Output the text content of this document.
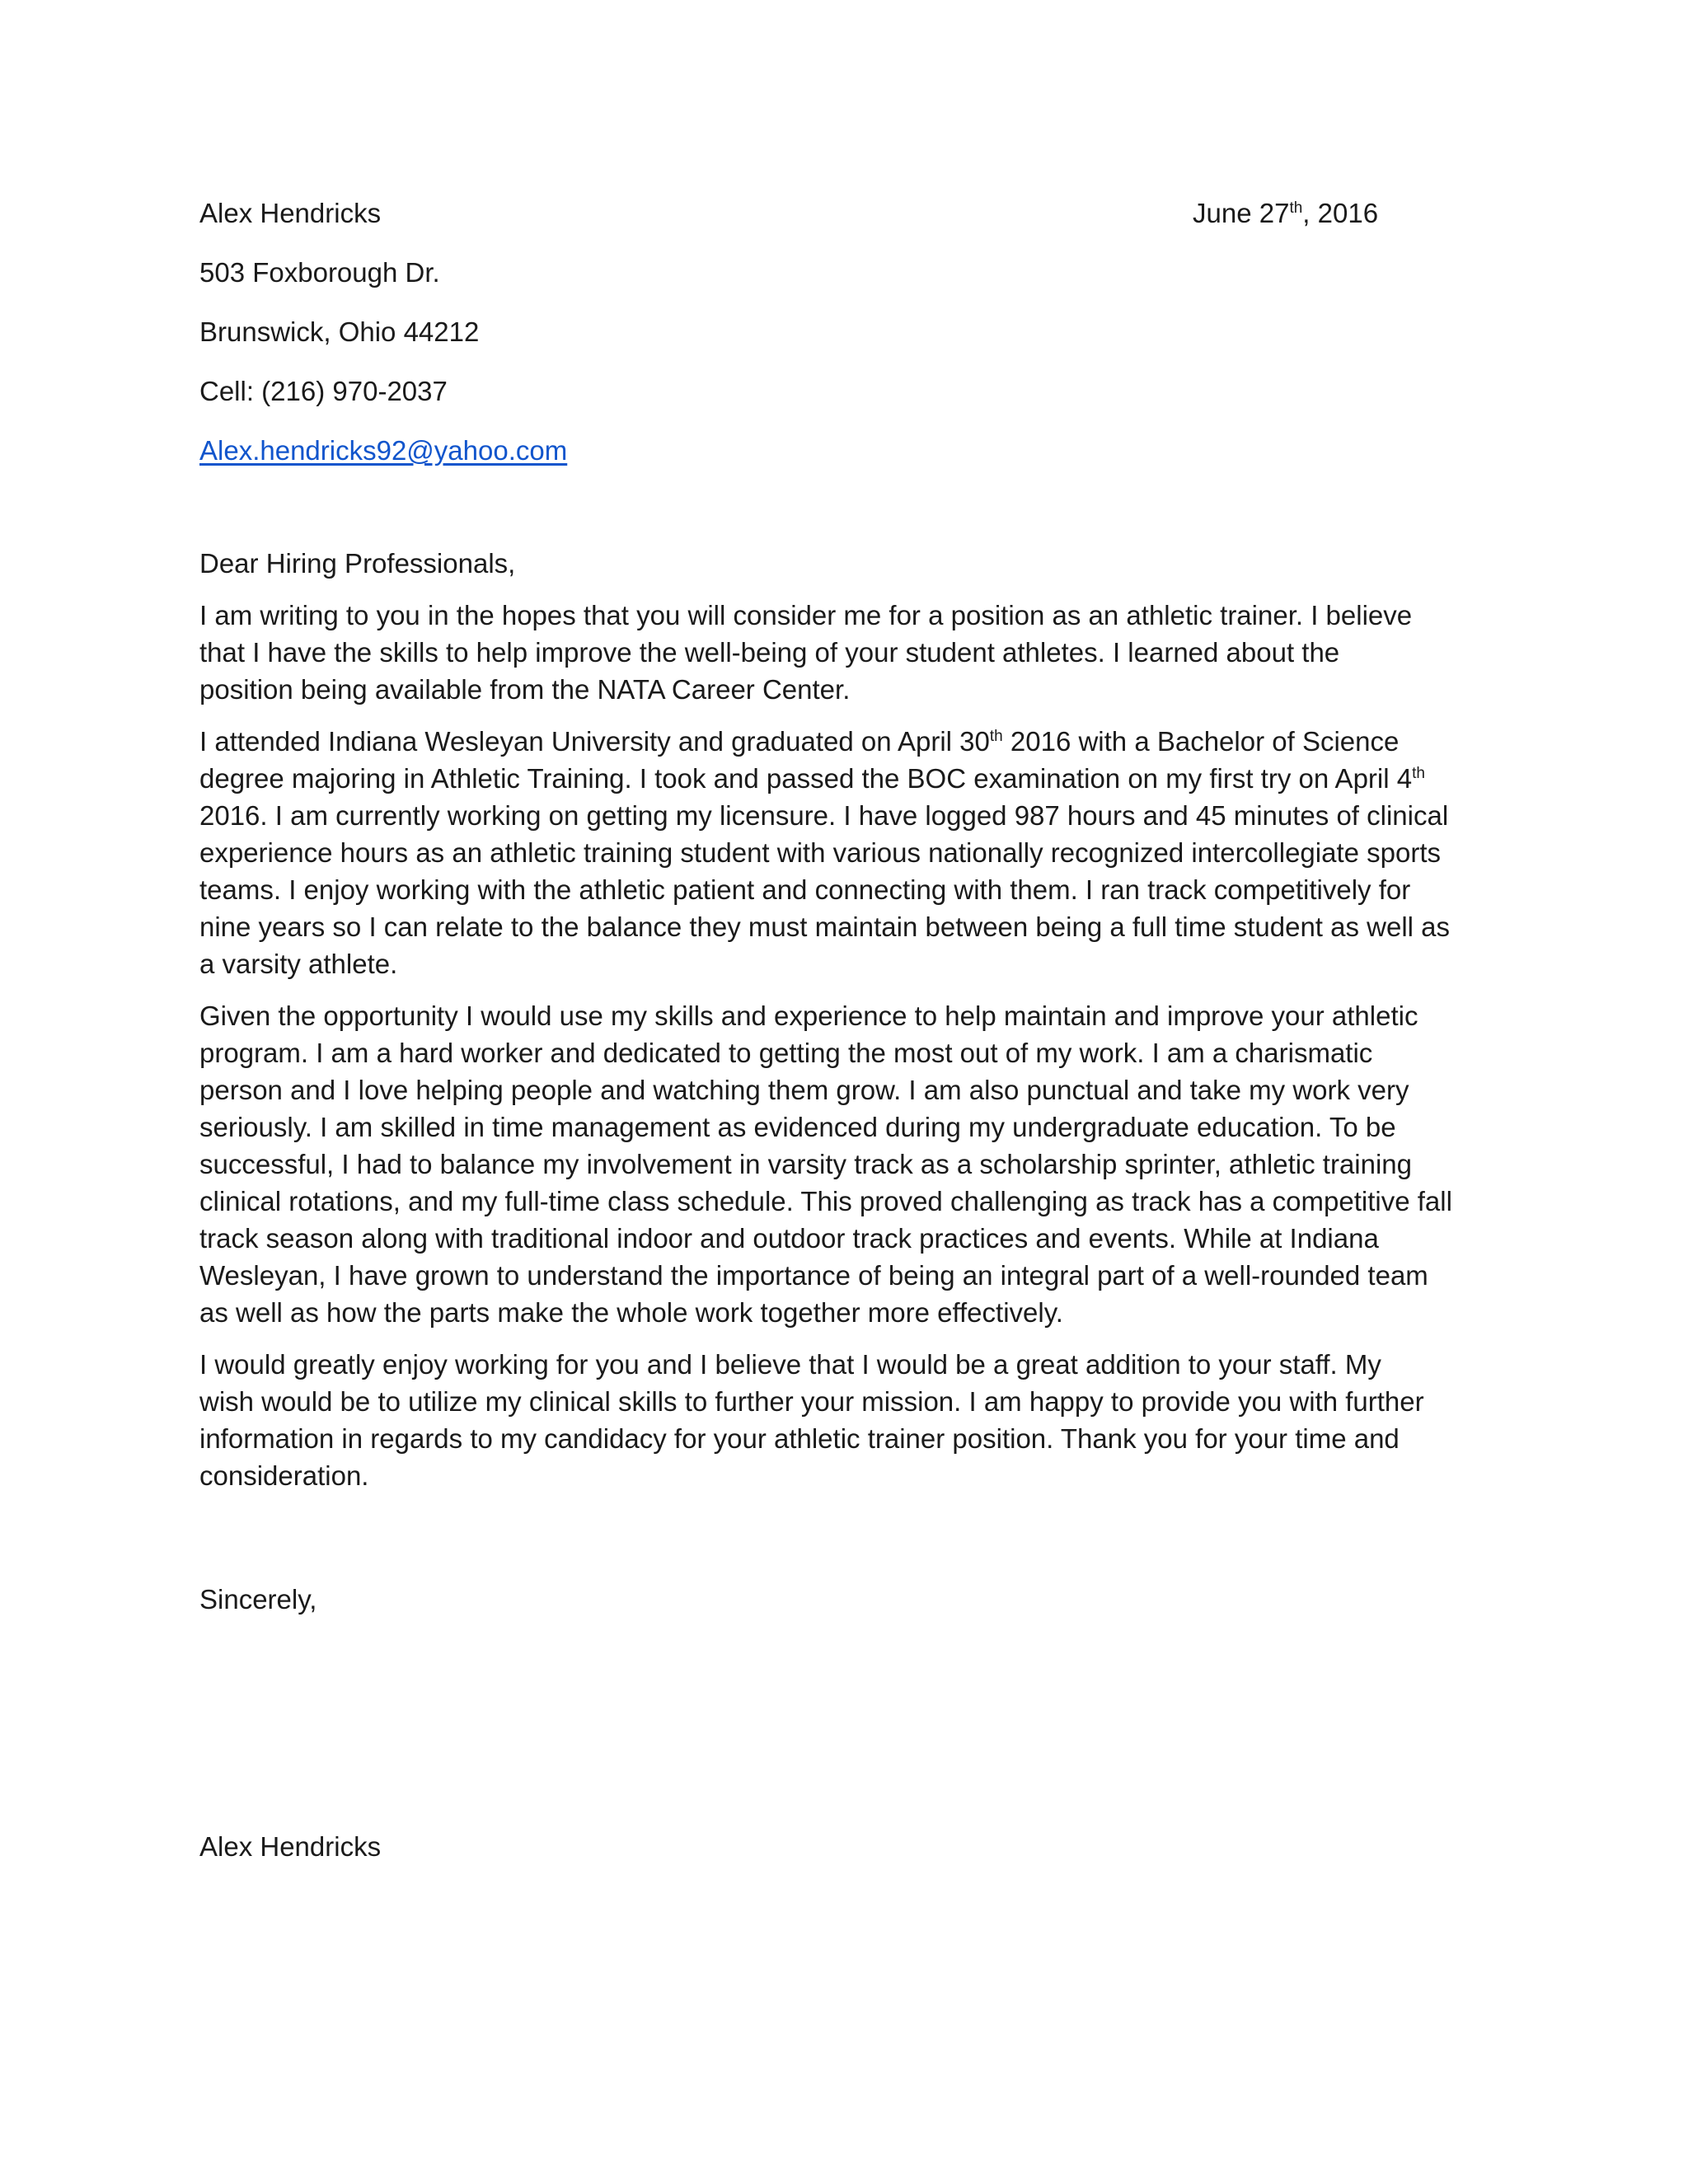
Alex Hendricks	June 27th, 2016
503 Foxborough Dr.
Brunswick, Ohio 44212
Cell: (216) 970-2037
Alex.hendricks92@yahoo.com
Dear Hiring Professionals,
I am writing to you in the hopes that you will consider me for a position as an athletic trainer. I believe
that I have the skills to help improve the well-being of your student athletes. I learned about the
position being available from the NATA Career Center.
I attended Indiana Wesleyan University and graduated on April 30th 2016 with a Bachelor of Science
degree majoring in Athletic Training. I took and passed the BOC examination on my first try on April 4th
2016. I am currently working on getting my licensure. I have logged 987 hours and 45 minutes of clinical
experience hours as an athletic training student with various nationally recognized intercollegiate sports
teams. I enjoy working with the athletic patient and connecting with them. I ran track competitively for
nine years so I can relate to the balance they must maintain between being a full time student as well as
a varsity athlete.
Given the opportunity I would use my skills and experience to help maintain and improve your athletic
program. I am a hard worker and dedicated to getting the most out of my work. I am a charismatic
person and I love helping people and watching them grow. I am also punctual and take my work very
seriously. I am skilled in time management as evidenced during my undergraduate education. To be
successful, I had to balance my involvement in varsity track as a scholarship sprinter, athletic training
clinical rotations, and my full-time class schedule. This proved challenging as track has a competitive fall
track season along with traditional indoor and outdoor track practices and events. While at Indiana
Wesleyan, I have grown to understand the importance of being an integral part of a well-rounded team
as well as how the parts make the whole work together more effectively.
I would greatly enjoy working for you and I believe that I would be a great addition to your staff. My
wish would be to utilize my clinical skills to further your mission. I am happy to provide you with further
information in regards to my candidacy for your athletic trainer position. Thank you for your time and
consideration.
Sincerely,
Alex Hendricks
